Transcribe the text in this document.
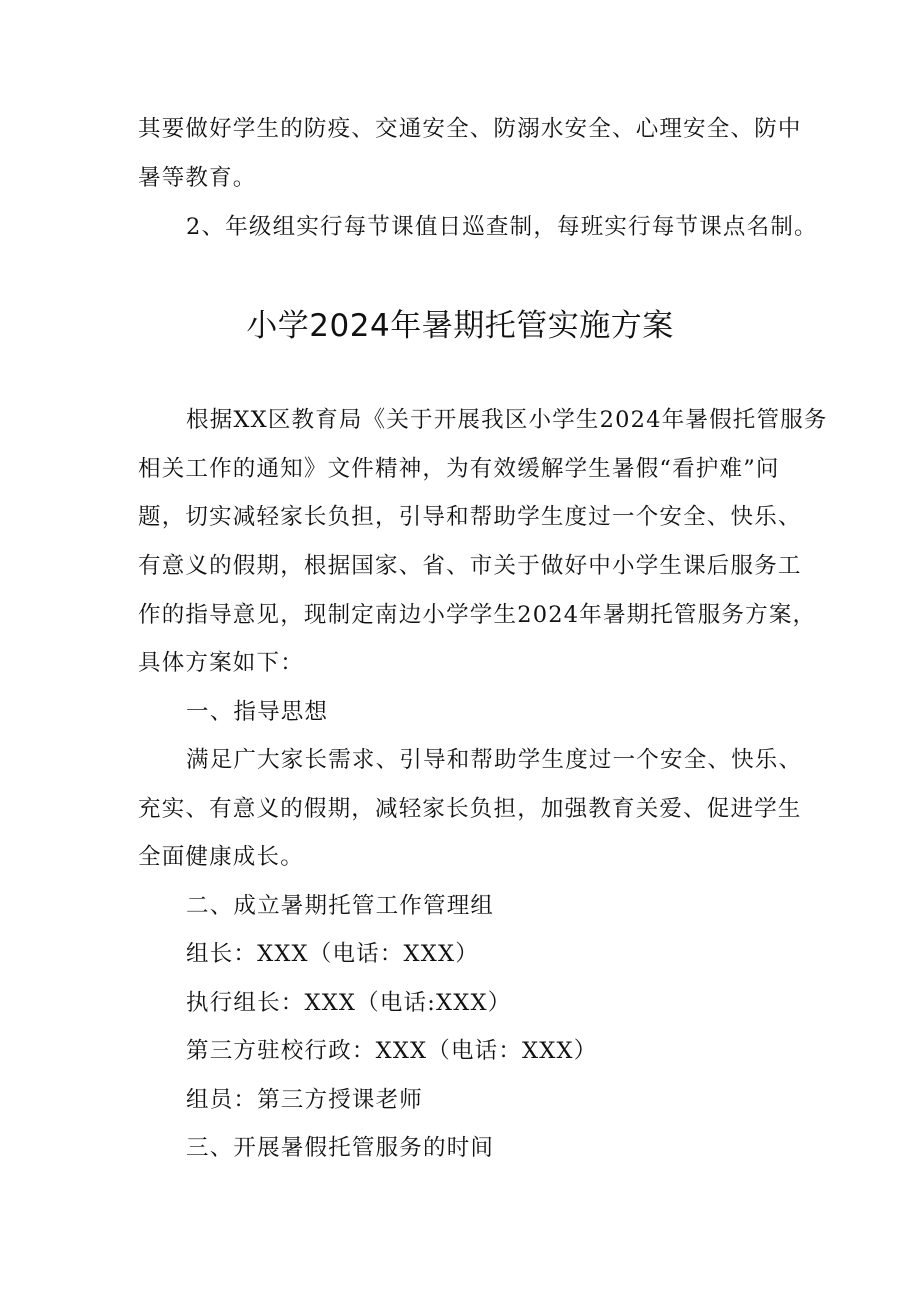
其要做好学生的防疫、交通安全、防溺水安全、心理安全、防中
暑等教育。
2、年级组实行每节课值日巡查制，每班实行每节课点名制。
小学2024年暑期托管实施方案
根据XX区教育局《关于开展我区小学生2024年暑假托管服务
相关工作的通知》文件精神，为有效缓解学生暑假“看护难”问
题，切实减轻家长负担，引导和帮助学生度过一个安全、快乐、
有意义的假期，根据国家、省、市关于做好中小学生课后服务工
作的指导意见，现制定南边小学学生2024年暑期托管服务方案，
具体方案如下：
一、指导思想
满足广大家长需求、引导和帮助学生度过一个安全、快乐、
充实、有意义的假期，减轻家长负担，加强教育关爱、促进学生
全面健康成长。
二、成立暑期托管工作管理组
组长：XXX（电话：XXX）
执行组长：XXX（电话:XXX）
第三方驻校行政：XXX（电话：XXX）
组员：第三方授课老师
三、开展暑假托管服务的时间
